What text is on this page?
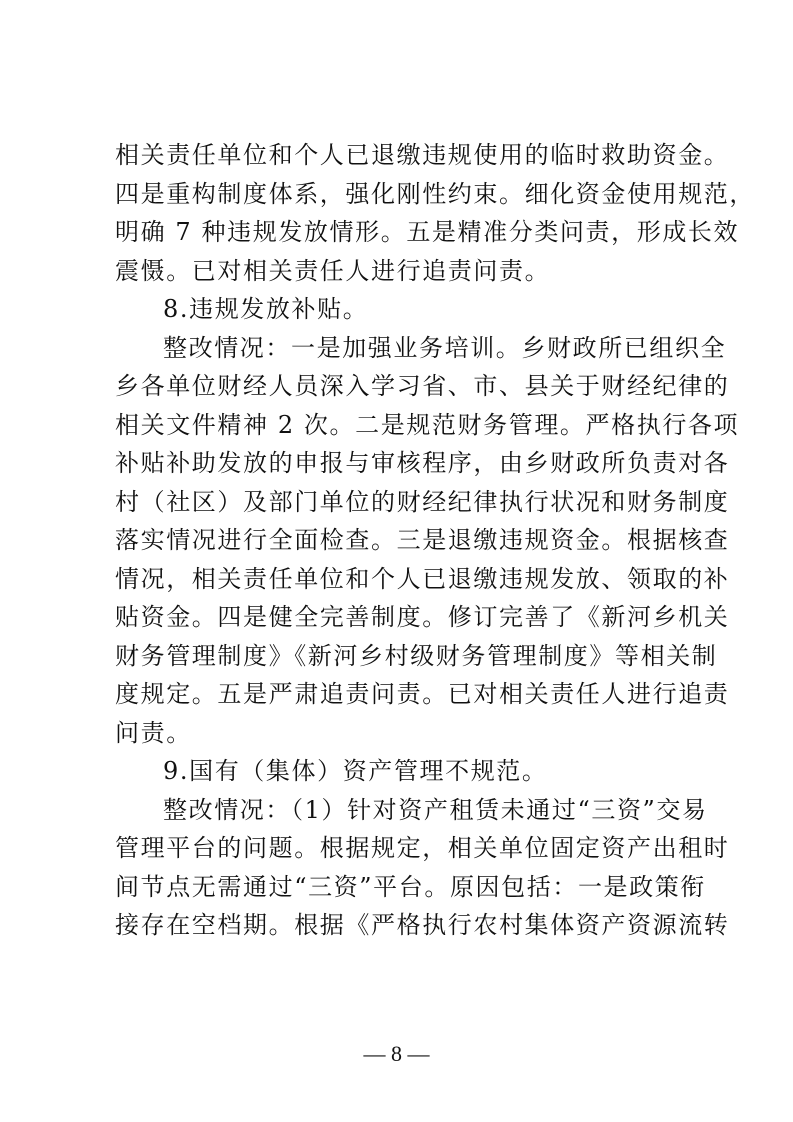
相关责任单位和个人已退缴违规使用的临时救助资金。
四是重构制度体系，强化刚性约束。细化资金使用规范，
明确 7 种违规发放情形。五是精准分类问责，形成长效
震慑。已对相关责任人进行追责问责。
8.违规发放补贴。
整改情况：一是加强业务培训。乡财政所已组织全
乡各单位财经人员深入学习省、市、县关于财经纪律的
相关文件精神 2 次。二是规范财务管理。严格执行各项
补贴补助发放的申报与审核程序，由乡财政所负责对各
村（社区）及部门单位的财经纪律执行状况和财务制度
落实情况进行全面检查。三是退缴违规资金。根据核查
情况，相关责任单位和个人已退缴违规发放、领取的补
贴资金。四是健全完善制度。修订完善了《新河乡机关
财务管理制度》《新河乡村级财务管理制度》等相关制
度规定。五是严肃追责问责。已对相关责任人进行追责
问责。
9.国有（集体）资产管理不规范。
整改情况：（1）针对资产租赁未通过“三资”交易
管理平台的问题。根据规定，相关单位固定资产出租时
间节点无需通过“三资”平台。原因包括：一是政策衔
接存在空档期。根据《严格执行农村集体资产资源流转
— 8 —
